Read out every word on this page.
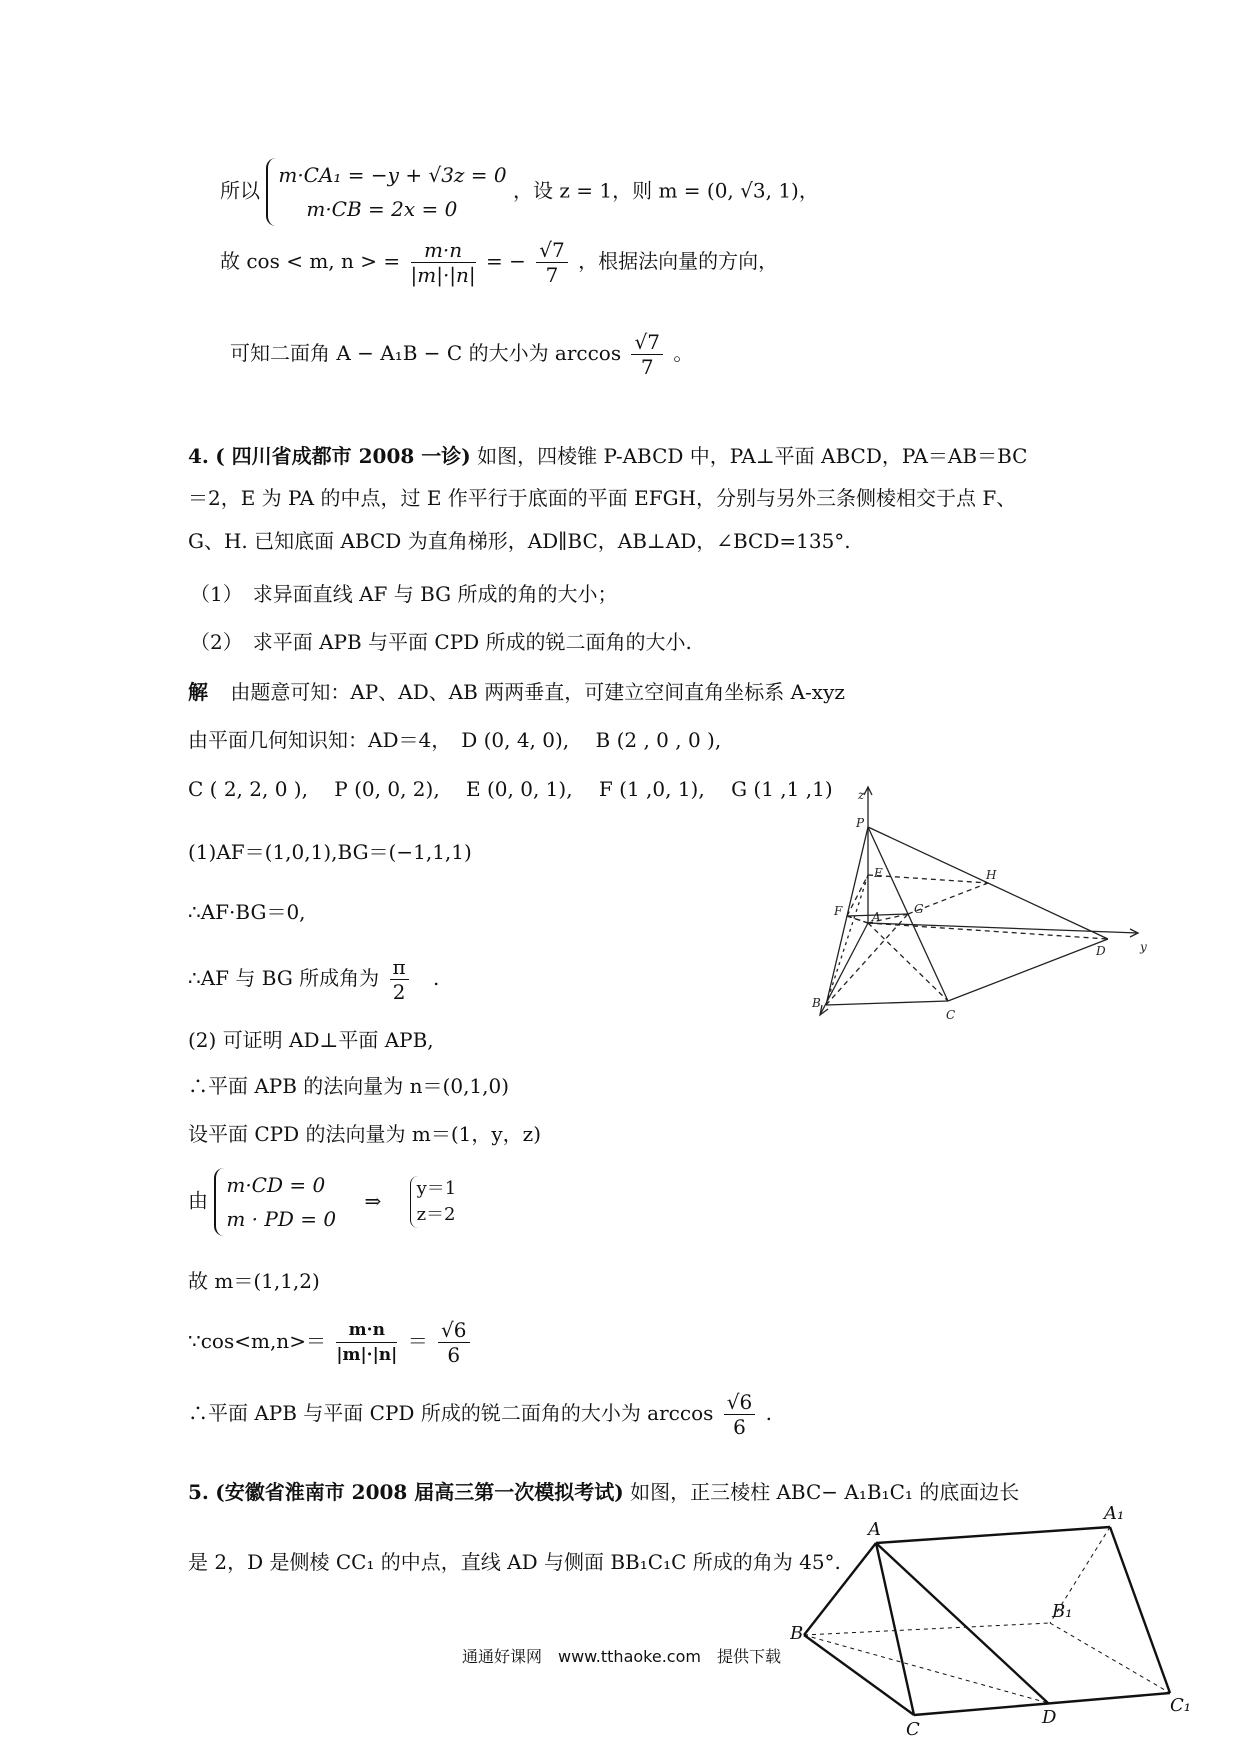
所以
m·CA₁ = −y + √3z = 0
m·CB = 2x = 0
，设 z = 1，则 m = (0, √3, 1)，
故 cos < m, n > = $\frac{m\cdot n}{|m|\cdot|n|}$ = − $\frac{√7}{7}$ ，根据法向量的方向，
可知二面角 A − A₁B − C 的大小为 $\arccos \frac{√7}{7}$ 。
4. ( 四川省成都市 2008 一诊) 如图，四棱锥 P-ABCD 中，PA⊥平面 ABCD，PA＝AB＝BC
＝2，E 为 PA 的中点，过 E 作平行于底面的平面 EFGH，分别与另外三条侧棱相交于点 F、
G、H. 已知底面 ABCD 为直角梯形，AD∥BC，AB⊥AD，∠BCD=135°.
（1）　求异面直线 AF 与 BG 所成的角的大小；
（2）　求平面 APB 与平面 CPD 所成的锐二面角的大小.
解 由题意可知：AP、AD、AB 两两垂直，可建立空间直角坐标系 A-xyz
由平面几何知识知：AD＝4，　D (0, 4, 0),　 B (2 , 0 , 0 ),
C ( 2, 2, 0 ),　 P (0, 0, 2),　 E (0, 0, 1),　 F (1 ,0, 1),　 G (1 ,1 ,1)
(1)AF＝(1,0,1),BG＝(−1,1,1)
∴AF·BG＝0,
∴AF 与 BG 所成角为 $\frac{\pi}{2}$ .
(2) 可证明 AD⊥平面 APB,
∴平面 APB 的法向量为 n＝(0,1,0)
设平面 CPD 的法向量为 m＝(1，y，z)
由
m·CD = 0
m · PD = 0
⇒ y＝1
z＝2
故 m＝(1,1,2)
∵cos<m,n>＝ $\frac{m\cdot n}{|m|\cdot|n|} = \frac{√6}{6}$
∴平面 APB 与平面 CPD 所成的锐二面角的大小为 $\arccos \frac{√6}{6}$ .
z
P
E	H
F	G
A
D	y
B
C
5. (安徽省淮南市 2008 届高三第一次模拟考试) 如图，正三棱柱 ABC− A₁B₁C₁ 的底面边长
是 2，D 是侧棱 CC₁ 的中点，直线 AD 与侧面 BB₁C₁C 所成的角为 45°.
A
A₁
B
B₁
C
D
C₁
通通好课网　www.tthaoke.com　提供下载
